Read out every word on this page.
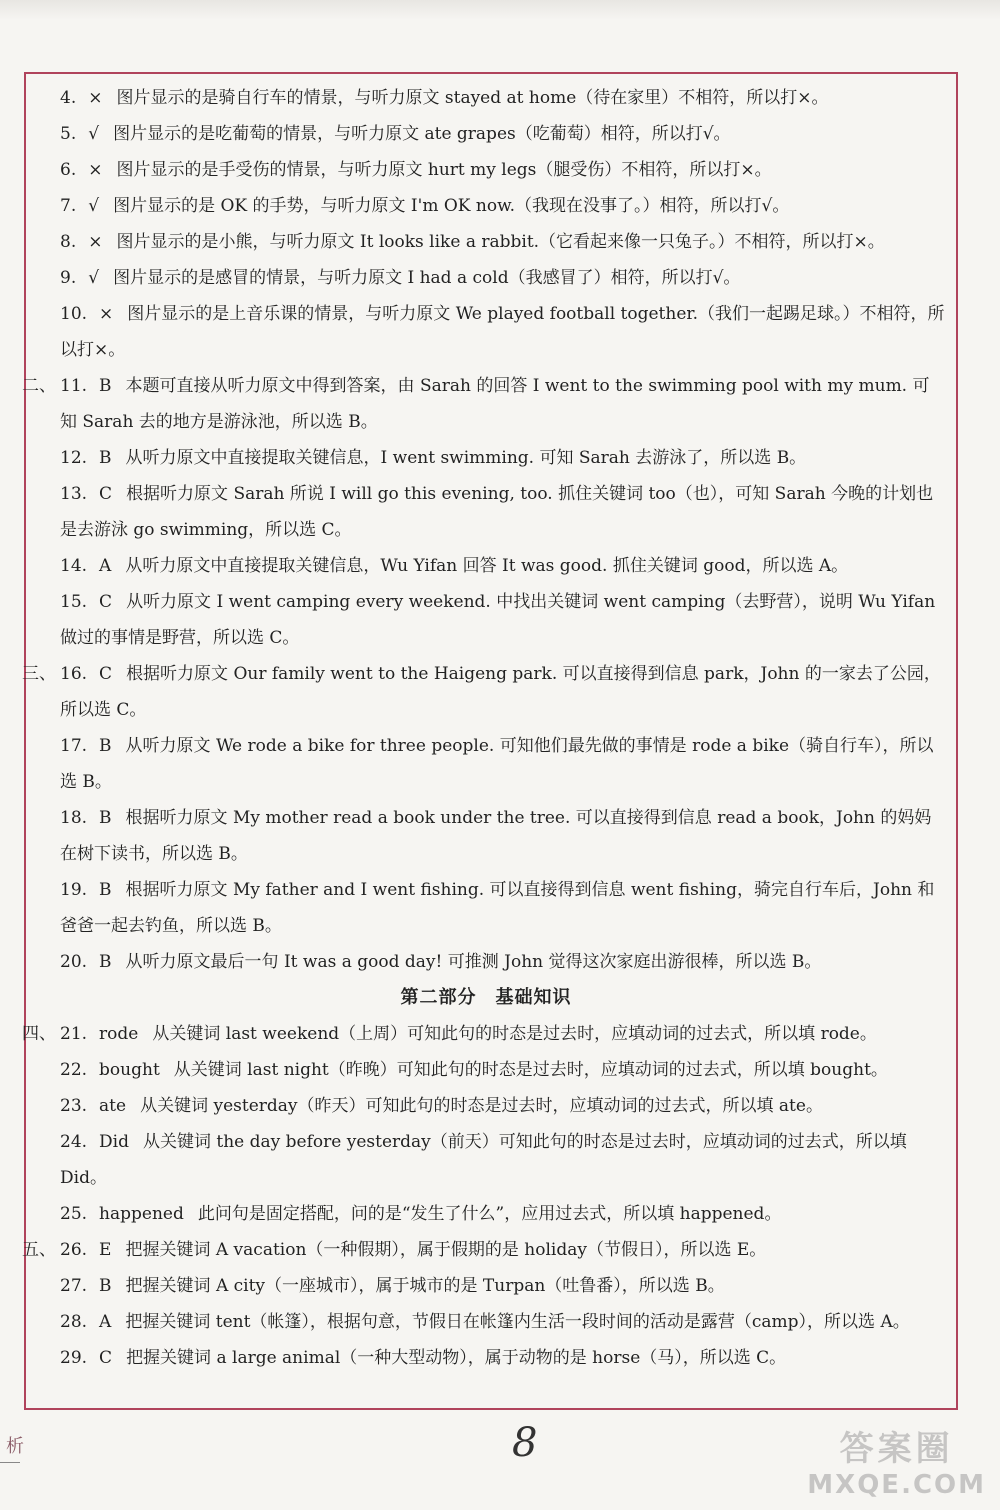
4. × 图片显示的是骑自行车的情景，与听力原文 stayed at home（待在家里）不相符，所以打×。
5. √ 图片显示的是吃葡萄的情景，与听力原文 ate grapes（吃葡萄）相符，所以打√。
6. × 图片显示的是手受伤的情景，与听力原文 hurt my legs（腿受伤）不相符，所以打×。
7. √ 图片显示的是 OK 的手势，与听力原文 I'm OK now.（我现在没事了。）相符，所以打√。
8. × 图片显示的是小熊，与听力原文 It looks like a rabbit.（它看起来像一只兔子。）不相符，所以打×。
9. √ 图片显示的是感冒的情景，与听力原文 I had a cold（我感冒了）相符，所以打√。
10. × 图片显示的是上音乐课的情景，与听力原文 We played football together.（我们一起踢足球。）不相符，所以打×。
二、 11. B 本题可直接从听力原文中得到答案，由 Sarah 的回答 I went to the swimming pool with my mum. 可知 Sarah 去的地方是游泳池，所以选 B。
12. B 从听力原文中直接提取关键信息，I went swimming. 可知 Sarah 去游泳了，所以选 B。
13. C 根据听力原文 Sarah 所说 I will go this evening, too. 抓住关键词 too（也），可知 Sarah 今晚的计划也是去游泳 go swimming，所以选 C。
14. A 从听力原文中直接提取关键信息，Wu Yifan 回答 It was good. 抓住关键词 good，所以选 A。
15. C 从听力原文 I went camping every weekend. 中找出关键词 went camping（去野营），说明 Wu Yifan 做过的事情是野营，所以选 C。
三、 16. C 根据听力原文 Our family went to the Haigeng park. 可以直接得到信息 park，John 的一家去了公园，所以选 C。
17. B 从听力原文 We rode a bike for three people. 可知他们最先做的事情是 rode a bike（骑自行车），所以选 B。
18. B 根据听力原文 My mother read a book under the tree. 可以直接得到信息 read a book，John 的妈妈在树下读书，所以选 B。
19. B 根据听力原文 My father and I went fishing. 可以直接得到信息 went fishing，骑完自行车后，John 和爸爸一起去钓鱼，所以选 B。
20. B 从听力原文最后一句 It was a good day! 可推测 John 觉得这次家庭出游很棒，所以选 B。
第二部分　基础知识
四、 21. rode 从关键词 last weekend（上周）可知此句的时态是过去时，应填动词的过去式，所以填 rode。
22. bought 从关键词 last night（昨晚）可知此句的时态是过去时，应填动词的过去式，所以填 bought。
23. ate 从关键词 yesterday（昨天）可知此句的时态是过去时，应填动词的过去式，所以填 ate。
24. Did 从关键词 the day before yesterday（前天）可知此句的时态是过去时，应填动词的过去式，所以填 Did。
25. happened 此问句是固定搭配，问的是“发生了什么”，应用过去式，所以填 happened。
五、 26. E 把握关键词 A vacation（一种假期），属于假期的是 holiday（节假日），所以选 E。
27. B 把握关键词 A city（一座城市），属于城市的是 Turpan（吐鲁番），所以选 B。
28. A 把握关键词 tent（帐篷），根据句意，节假日在帐篷内生活一段时间的活动是露营（camp），所以选 A。
29. C 把握关键词 a large animal（一种大型动物），属于动物的是 horse（马），所以选 C。
析	8	答案圈
MXQE.COM
